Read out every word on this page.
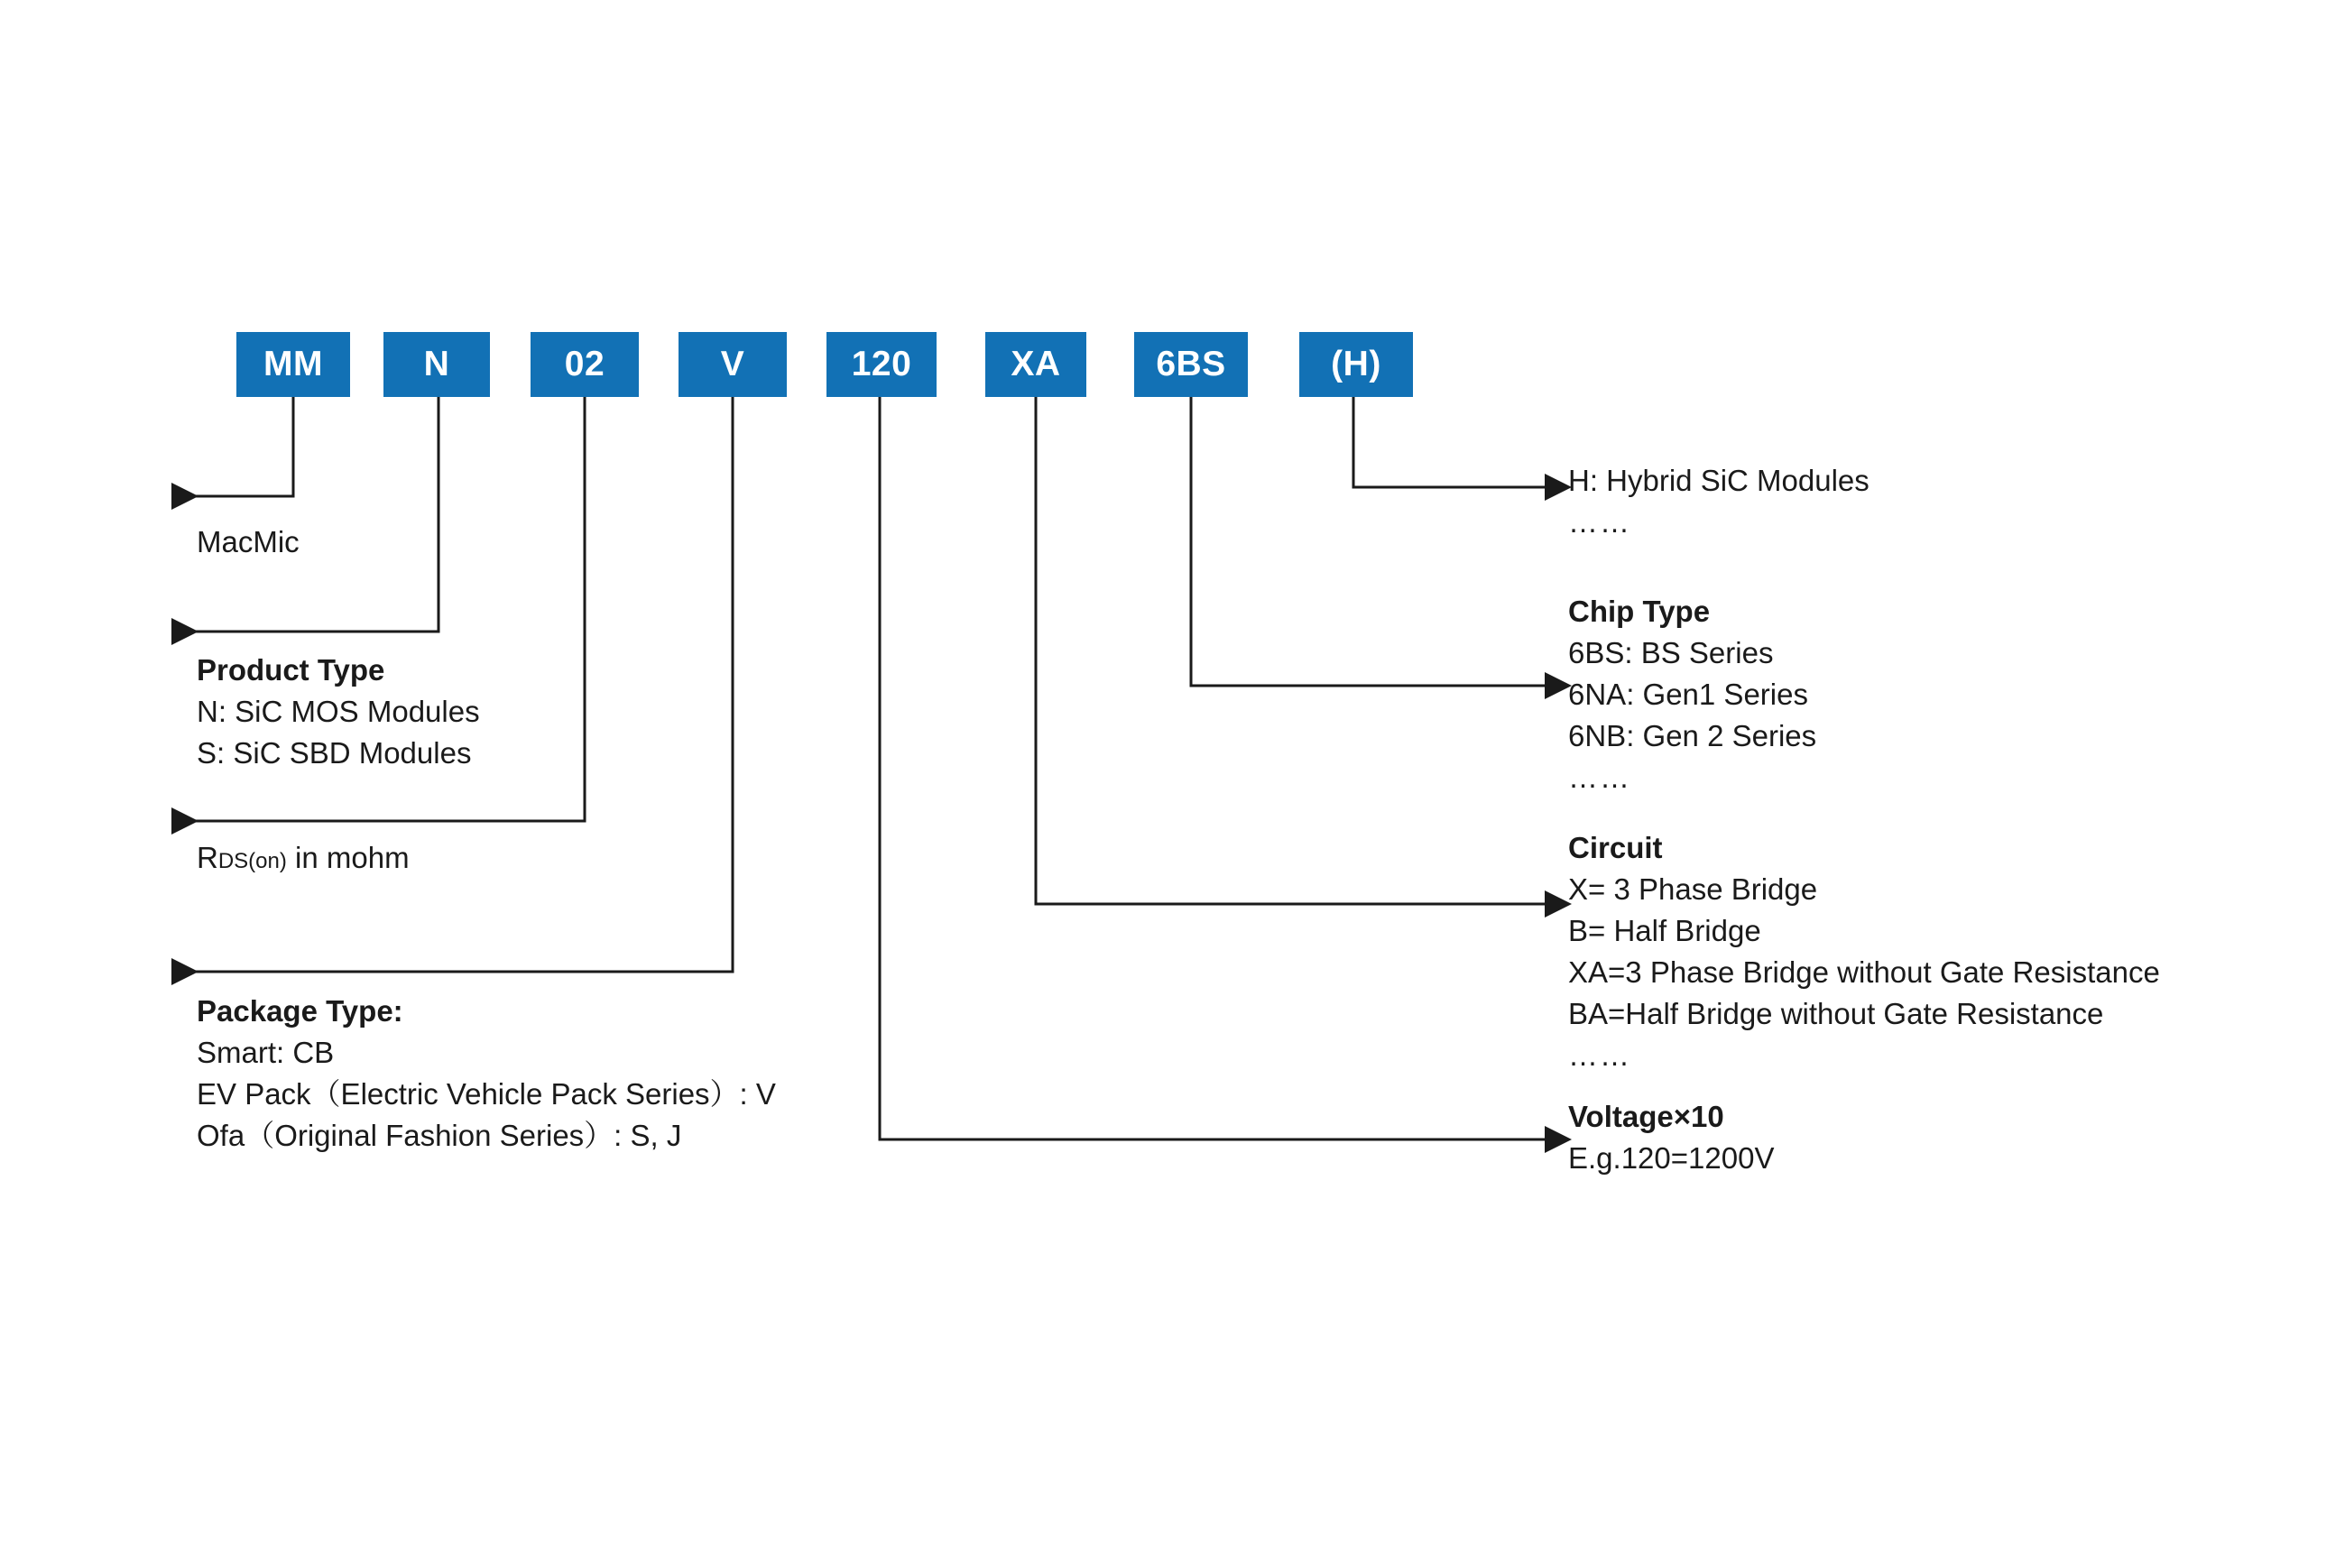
MM	N	02	V	120	XA	6BS	(H)
MacMic
Product Type
N: SiC MOS Modules
S: SiC SBD Modules
RDS(on) in mohm
Package Type:
Smart: CB
EV Pack（Electric Vehicle Pack Series）: V
Ofa（Original Fashion Series）: S, J
H: Hybrid SiC Modules
……
Chip Type
6BS: BS Series
6NA: Gen1 Series
6NB: Gen 2 Series
……
Circuit
X= 3 Phase Bridge
B= Half Bridge
XA=3 Phase Bridge without Gate Resistance
BA=Half Bridge without Gate Resistance
……
Voltage×10
E.g.120=1200V
